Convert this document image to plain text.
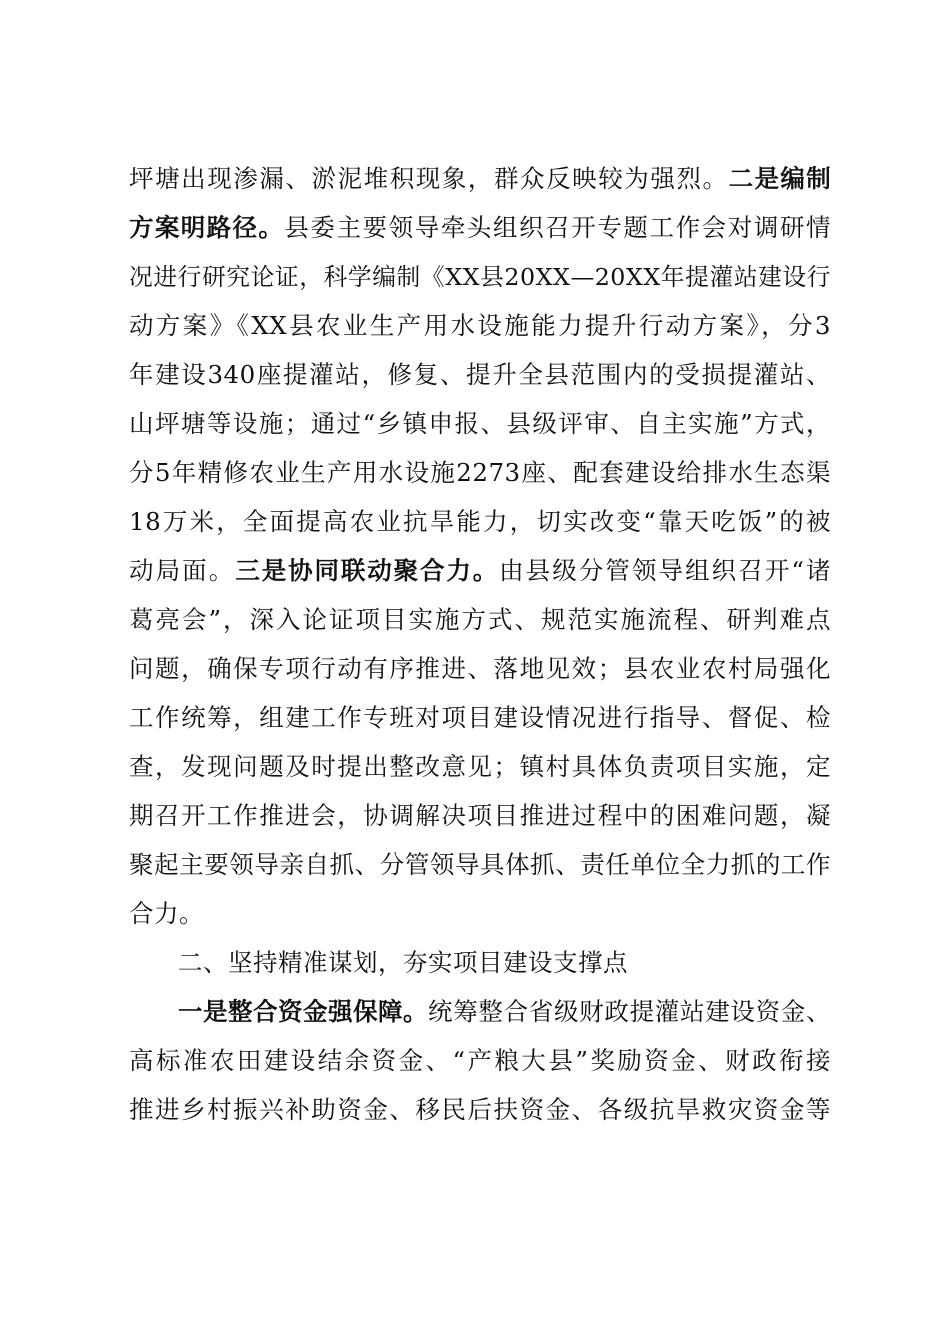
坪塘出现渗漏、淤泥堆积现象，群众反映较为强烈。二是编制

方案明路径。县委主要领导牵头组织召开专题工作会对调研情

况进行研究论证，科学编制《XX县20XX—20XX年提灌站建设行

动方案》《XX县农业生产用水设施能力提升行动方案》，分3

年建设340座提灌站，修复、提升全县范围内的受损提灌站、

山坪塘等设施；通过“乡镇申报、县级评审、自主实施”方式，

分5年精修农业生产用水设施2273座、配套建设给排水生态渠

18万米，全面提高农业抗旱能力，切实改变“靠天吃饭”的被

动局面。三是协同联动聚合力。由县级分管领导组织召开“诸

葛亮会”，深入论证项目实施方式、规范实施流程、研判难点

问题，确保专项行动有序推进、落地见效；县农业农村局强化

工作统筹，组建工作专班对项目建设情况进行指导、督促、检

查，发现问题及时提出整改意见；镇村具体负责项目实施，定

期召开工作推进会，协调解决项目推进过程中的困难问题，凝

聚起主要领导亲自抓、分管领导具体抓、责任单位全力抓的工作

合力。

二、坚持精准谋划，夯实项目建设支撑点

一是整合资金强保障。统筹整合省级财政提灌站建设资金、

高标准农田建设结余资金、“产粮大县”奖励资金、财政衔接

推进乡村振兴补助资金、移民后扶资金、各级抗旱救灾资金等
